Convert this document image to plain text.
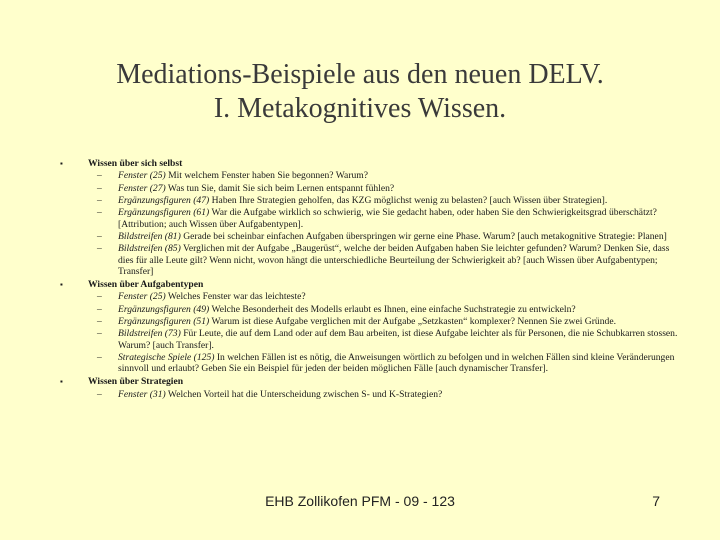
Mediations-Beispiele aus den neuen DELV.
I. Metakognitives Wissen.
▪	Wissen über sich selbst
– Fenster (25) Mit welchem Fenster haben Sie begonnen? Warum?
– Fenster (27) Was tun Sie, damit Sie sich beim Lernen entspannt fühlen?
– Ergänzungsfiguren (47) Haben Ihre Strategien geholfen, das KZG möglichst wenig zu belasten? [auch Wissen über Strategien].
– Ergänzungsfiguren (61) War die Aufgabe wirklich so schwierig, wie Sie gedacht haben, oder haben Sie den Schwierigkeitsgrad überschätzt? [Attribution; auch Wissen über Aufgabentypen].
– Bildstreifen (81) Gerade bei scheinbar einfachen Aufgaben überspringen wir gerne eine Phase. Warum? [auch metakognitive Strategie: Planen]
– Bildstreifen (85) Verglichen mit der Aufgabe „Baugerüst“, welche der beiden Aufgaben haben Sie leichter gefunden? Warum? Denken Sie, dass dies für alle Leute gilt? Wenn nicht, wovon hängt die unterschiedliche Beurteilung der Schwierigkeit ab? [auch Wissen über Aufgabentypen; Transfer]
▪	Wissen über Aufgabentypen
– Fenster (25) Welches Fenster war das leichteste?
– Ergänzungsfiguren (49) Welche Besonderheit des Modells erlaubt es Ihnen, eine einfache Suchstrategie zu entwickeln?
– Ergänzungsfiguren (51) Warum ist diese Aufgabe verglichen mit der Aufgabe „Setzkasten“ komplexer? Nennen Sie zwei Gründe.
– Bildstreifen (73) Für Leute, die auf dem Land oder auf dem Bau arbeiten, ist diese Aufgabe leichter als für Personen, die nie Schubkarren stossen. Warum? [auch Transfer].
– Strategische Spiele (125) In welchen Fällen ist es nötig, die Anweisungen wörtlich zu befolgen und in welchen Fällen sind kleine Veränderungen sinnvoll und erlaubt? Geben Sie ein Beispiel für jeden der beiden möglichen Fälle [auch dynamischer Transfer].
▪	Wissen über Strategien
– Fenster (31) Welchen Vorteil hat die Unterscheidung zwischen S- und K-Strategien?
EHB Zollikofen PFM - 09 - 123	7
